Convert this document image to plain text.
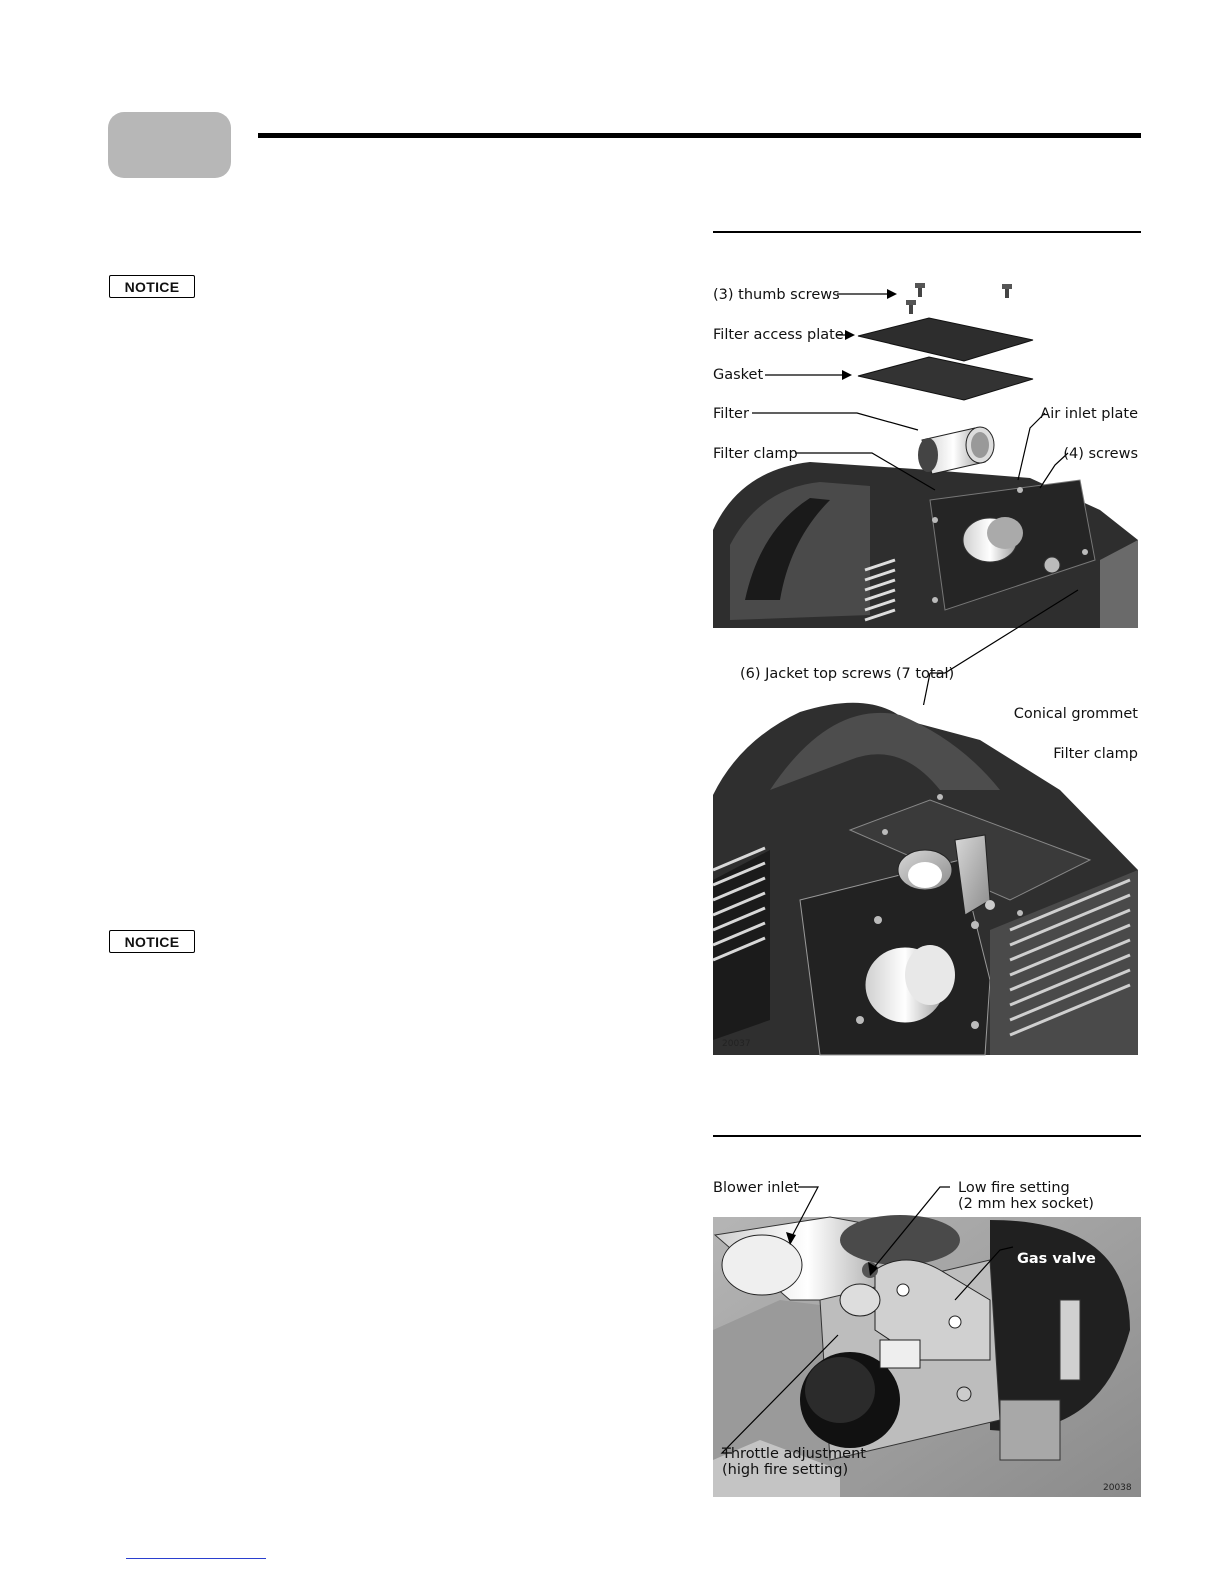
NOTICE
NOTICE
(3) thumb screws
Filter access plate
Gasket
Filter	Air inlet plate
Filter clamp	(4) screws
(6) Jacket top screws (7 total)
Conical grommet
Filter clamp
Blower inlet	Low fire setting
(2 mm hex socket)
Gas valve
Throttle adjustment
(high fire setting)
20037
20038
